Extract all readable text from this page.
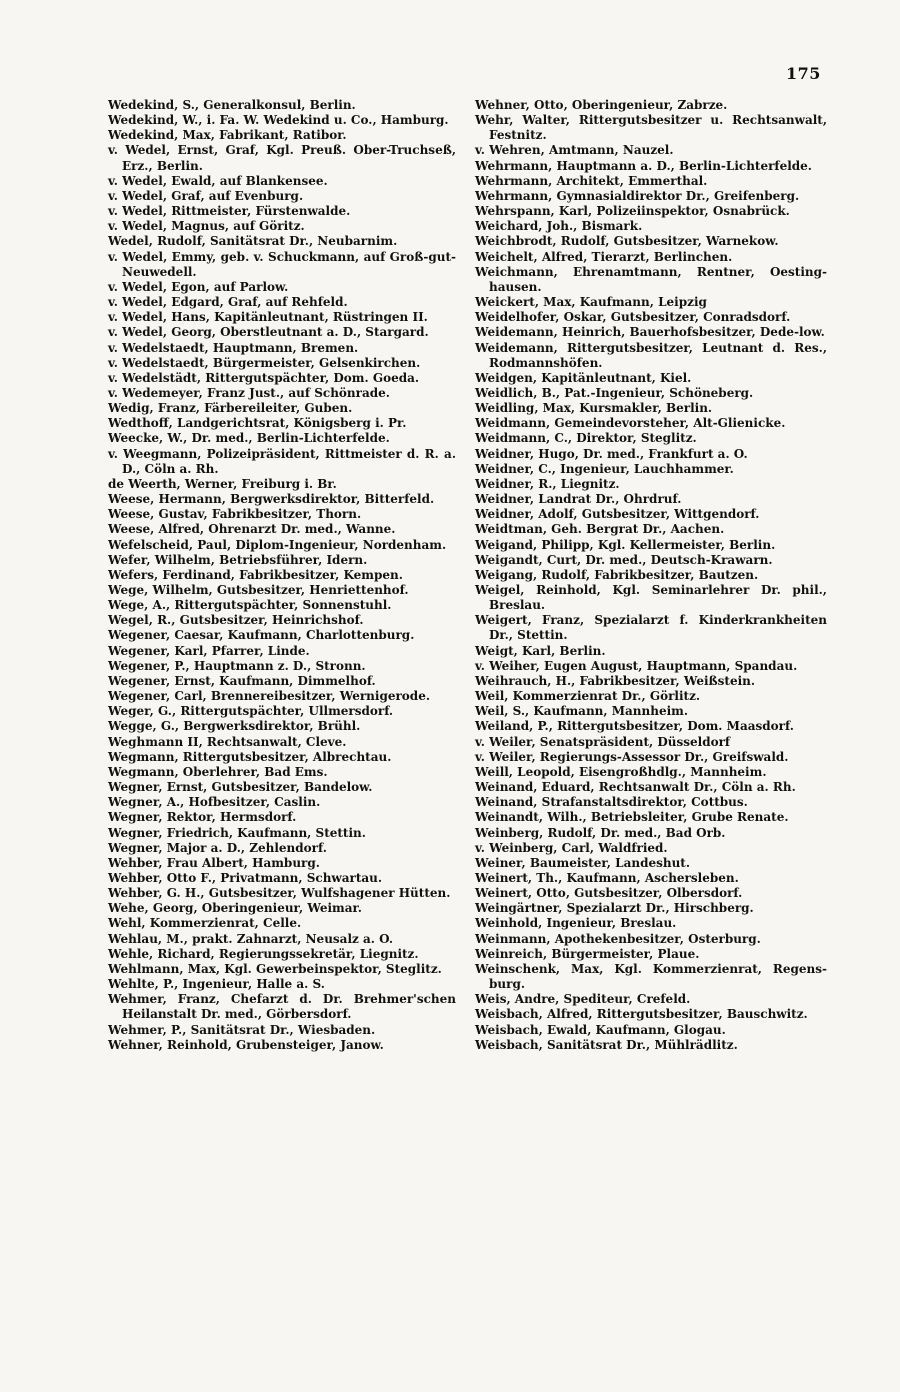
175

Wedekind, S., Generalkonsul, Berlin.

Wedekind, W., i. Fa. W. Wedekind u. Co., Hamburg.

Wedekind, Max, Fabrikant, Ratibor.

v. Wedel, Ernst, Graf, Kgl. Preuß. Ober-Truchseß, Erz., Berlin.

v. Wedel, Ewald, auf Blankensee.

v. Wedel, Graf, auf Evenburg.

v. Wedel, Rittmeister, Fürstenwalde.

v. Wedel, Magnus, auf Göritz.

Wedel, Rudolf, Sanitätsrat Dr., Neubarnim.

v. Wedel, Emmy, geb. v. Schuckmann, auf Groß-gut-Neuwedell.

v. Wedel, Egon, auf Parlow.

v. Wedel, Edgard, Graf, auf Rehfeld.

v. Wedel, Hans, Kapitänleutnant, Rüstringen II.

v. Wedel, Georg, Oberstleutnant a. D., Stargard.

v. Wedelstaedt, Hauptmann, Bremen.

v. Wedelstaedt, Bürgermeister, Gelsenkirchen.

v. Wedelstädt, Rittergutspächter, Dom. Goeda.

v. Wedemeyer, Franz Just., auf Schönrade.

Wedig, Franz, Färbereileiter, Guben.

Wedthoff, Landgerichtsrat, Königsberg i. Pr.

Weecke, W., Dr. med., Berlin-Lichterfelde.

v. Weegmann, Polizeipräsident, Rittmeister d. R. a. D., Cöln a. Rh.

de Weerth, Werner, Freiburg i. Br.

Weese, Hermann, Bergwerksdirektor, Bitterfeld.

Weese, Gustav, Fabrikbesitzer, Thorn.

Weese, Alfred, Ohrenarzt Dr. med., Wanne.

Wefelscheid, Paul, Diplom-Ingenieur, Nordenham.

Wefer, Wilhelm, Betriebsführer, Idern.

Wefers, Ferdinand, Fabrikbesitzer, Kempen.

Wege, Wilhelm, Gutsbesitzer, Henriettenhof.

Wege, A., Rittergutspächter, Sonnenstuhl.

Wegel, R., Gutsbesitzer, Heinrichshof.

Wegener, Caesar, Kaufmann, Charlottenburg.

Wegener, Karl, Pfarrer, Linde.

Wegener, P., Hauptmann z. D., Stronn.

Wegener, Ernst, Kaufmann, Dimmelhof.

Wegener, Carl, Brennereibesitzer, Wernigerode.

Weger, G., Rittergutspächter, Ullmersdorf.

Wegge, G., Bergwerksdirektor, Brühl.

Weghmann II, Rechtsanwalt, Cleve.

Wegmann, Rittergutsbesitzer, Albrechtau.

Wegmann, Oberlehrer, Bad Ems.

Wegner, Ernst, Gutsbesitzer, Bandelow.

Wegner, A., Hofbesitzer, Caslin.

Wegner, Rektor, Hermsdorf.

Wegner, Friedrich, Kaufmann, Stettin.

Wegner, Major a. D., Zehlendorf.

Wehber, Frau Albert, Hamburg.

Wehber, Otto F., Privatmann, Schwartau.

Wehber, G. H., Gutsbesitzer, Wulfshagener Hütten.

Wehe, Georg, Oberingenieur, Weimar.

Wehl, Kommerzienrat, Celle.

Wehlau, M., prakt. Zahnarzt, Neusalz a. O.

Wehle, Richard, Regierungssekretär, Liegnitz.

Wehlmann, Max, Kgl. Gewerbeinspektor, Steglitz.

Wehlte, P., Ingenieur, Halle a. S.

Wehmer, Franz, Chefarzt d. Dr. Brehmer'schen Heilanstalt Dr. med., Görbersdorf.

Wehmer, P., Sanitätsrat Dr., Wiesbaden.

Wehner, Reinhold, Grubensteiger, Janow.

Wehner, Otto, Oberingenieur, Zabrze.

Wehr, Walter, Rittergutsbesitzer u. Rechtsanwalt, Festnitz.

v. Wehren, Amtmann, Nauzel.

Wehrmann, Hauptmann a. D., Berlin-Lichterfelde.

Wehrmann, Architekt, Emmerthal.

Wehrmann, Gymnasialdirektor Dr., Greifenberg.

Wehrspann, Karl, Polizeiinspektor, Osnabrück.

Weichard, Joh., Bismark.

Weichbrodt, Rudolf, Gutsbesitzer, Warnekow.

Weichelt, Alfred, Tierarzt, Berlinchen.

Weichmann, Ehrenamtmann, Rentner, Oesting-hausen.

Weickert, Max, Kaufmann, Leipzig

Weidelhofer, Oskar, Gutsbesitzer, Conradsdorf.

Weidemann, Heinrich, Bauerhofsbesitzer, Dede-low.

Weidemann, Rittergutsbesitzer, Leutnant d. Res., Rodmannshöfen.

Weidgen, Kapitänleutnant, Kiel.

Weidlich, B., Pat.-Ingenieur, Schöneberg.

Weidling, Max, Kursmakler, Berlin.

Weidmann, Gemeindevorsteher, Alt-Glienicke.

Weidmann, C., Direktor, Steglitz.

Weidner, Hugo, Dr. med., Frankfurt a. O.

Weidner, C., Ingenieur, Lauchhammer.

Weidner, R., Liegnitz.

Weidner, Landrat Dr., Ohrdruf.

Weidner, Adolf, Gutsbesitzer, Wittgendorf.

Weidtman, Geh. Bergrat Dr., Aachen.

Weigand, Philipp, Kgl. Kellermeister, Berlin.

Weigandt, Curt, Dr. med., Deutsch-Krawarn.

Weigang, Rudolf, Fabrikbesitzer, Bautzen.

Weigel, Reinhold, Kgl. Seminarlehrer Dr. phil., Breslau.

Weigert, Franz, Spezialarzt f. Kinderkrankheiten Dr., Stettin.

Weigt, Karl, Berlin.

v. Weiher, Eugen August, Hauptmann, Spandau.

Weihrauch, H., Fabrikbesitzer, Weißstein.

Weil, Kommerzienrat Dr., Görlitz.

Weil, S., Kaufmann, Mannheim.

Weiland, P., Rittergutsbesitzer, Dom. Maasdorf.

v. Weiler, Senatspräsident, Düsseldorf

v. Weiler, Regierungs-Assessor Dr., Greifswald.

Weill, Leopold, Eisengroßhdlg., Mannheim.

Weinand, Eduard, Rechtsanwalt Dr., Cöln a. Rh.

Weinand, Strafanstaltsdirektor, Cottbus.

Weinandt, Wilh., Betriebsleiter, Grube Renate.

Weinberg, Rudolf, Dr. med., Bad Orb.

v. Weinberg, Carl, Waldfried.

Weiner, Baumeister, Landeshut.

Weinert, Th., Kaufmann, Aschersleben.

Weinert, Otto, Gutsbesitzer, Olbersdorf.

Weingärtner, Spezialarzt Dr., Hirschberg.

Weinhold, Ingenieur, Breslau.

Weinmann, Apothekenbesitzer, Osterburg.

Weinreich, Bürgermeister, Plaue.

Weinschenk, Max, Kgl. Kommerzienrat, Regens-burg.

Weis, Andre, Spediteur, Crefeld.

Weisbach, Alfred, Rittergutsbesitzer, Bauschwitz.

Weisbach, Ewald, Kaufmann, Glogau.

Weisbach, Sanitätsrat Dr., Mühlrädlitz.
